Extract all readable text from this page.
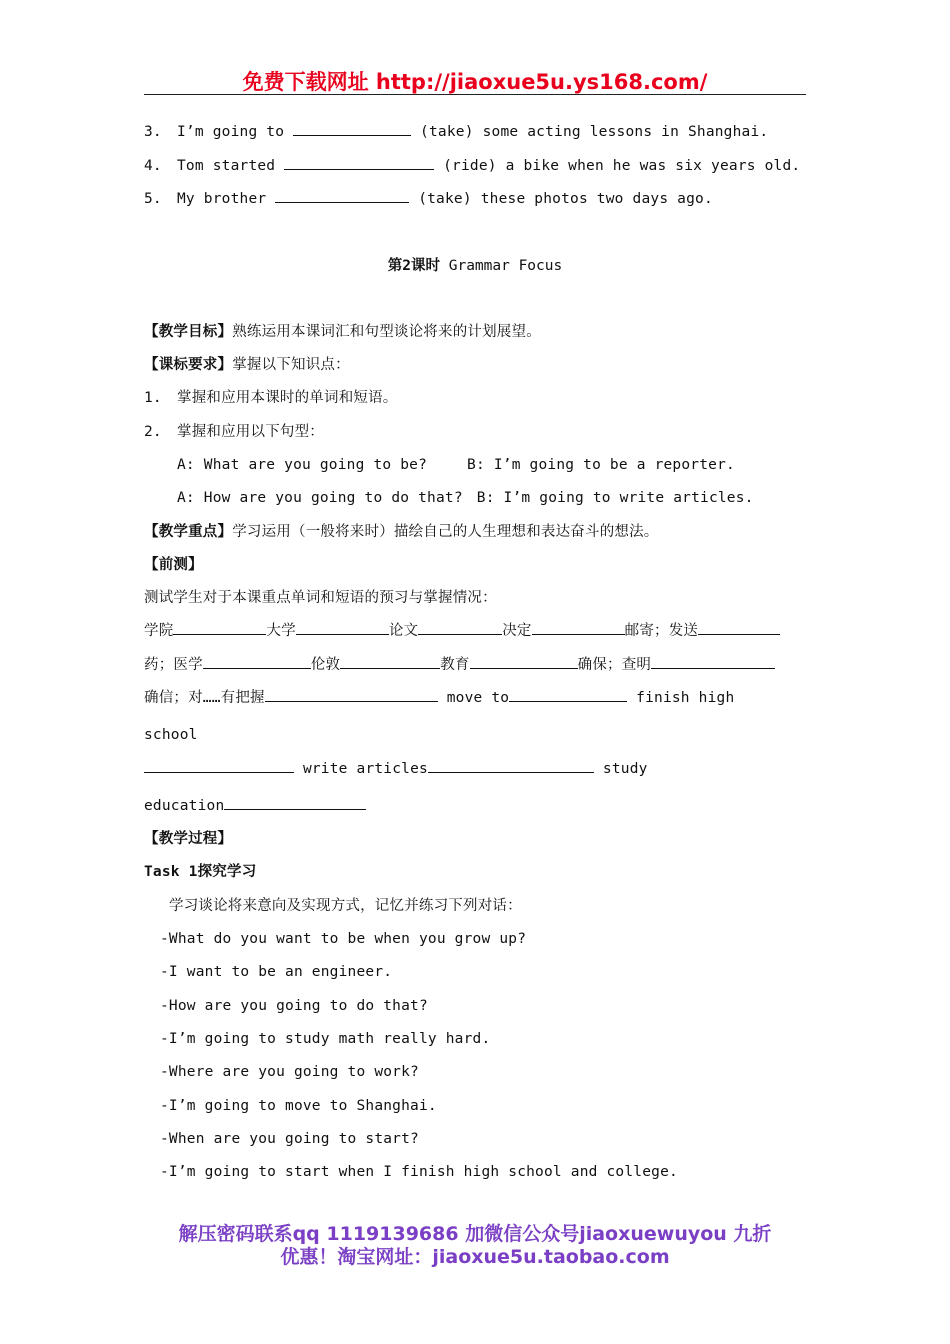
免费下载网址 http://jiaoxue5u.ys168.com/
3. I’m going to	(take) some acting lessons in Shanghai.
4. Tom started	(ride) a bike when he was six years old.
5. My brother	(take) these photos two days ago.
第2课时 Grammar Focus
【教学目标】熟练运用本课词汇和句型谈论将来的计划展望。
【课标要求】掌握以下知识点：
1. 掌握和应用本课时的单词和短语。
2. 掌握和应用以下句型：
A: What are you going to be?	B: I’m going to be a reporter.
A: How are you going to do that? B: I’m going to write articles.
【教学重点】学习运用（一般将来时）描绘自己的人生理想和表达奋斗的想法。
【前测】
测试学生对于本课重点单词和短语的预习与掌握情况：
学院	大学	论文	决定	邮寄；发送
药；医学	伦敦	教育	确保；查明
确信；对……有把握	move to	finish high
school
write articles	study
education
【教学过程】
Task 1探究学习
学习谈论将来意向及实现方式，记忆并练习下列对话：
-What do you want to be when you grow up?
-I want to be an engineer.
-How are you going to do that?
-I’m going to study math really hard.
-Where are you going to work?
-I’m going to move to Shanghai.
-When are you going to start?
-I’m going to start when I finish high school and college.
解压密码联系qq 1119139686 加微信公众号jiaoxuewuyou 九折
优惠！淘宝网址：jiaoxue5u.taobao.com
